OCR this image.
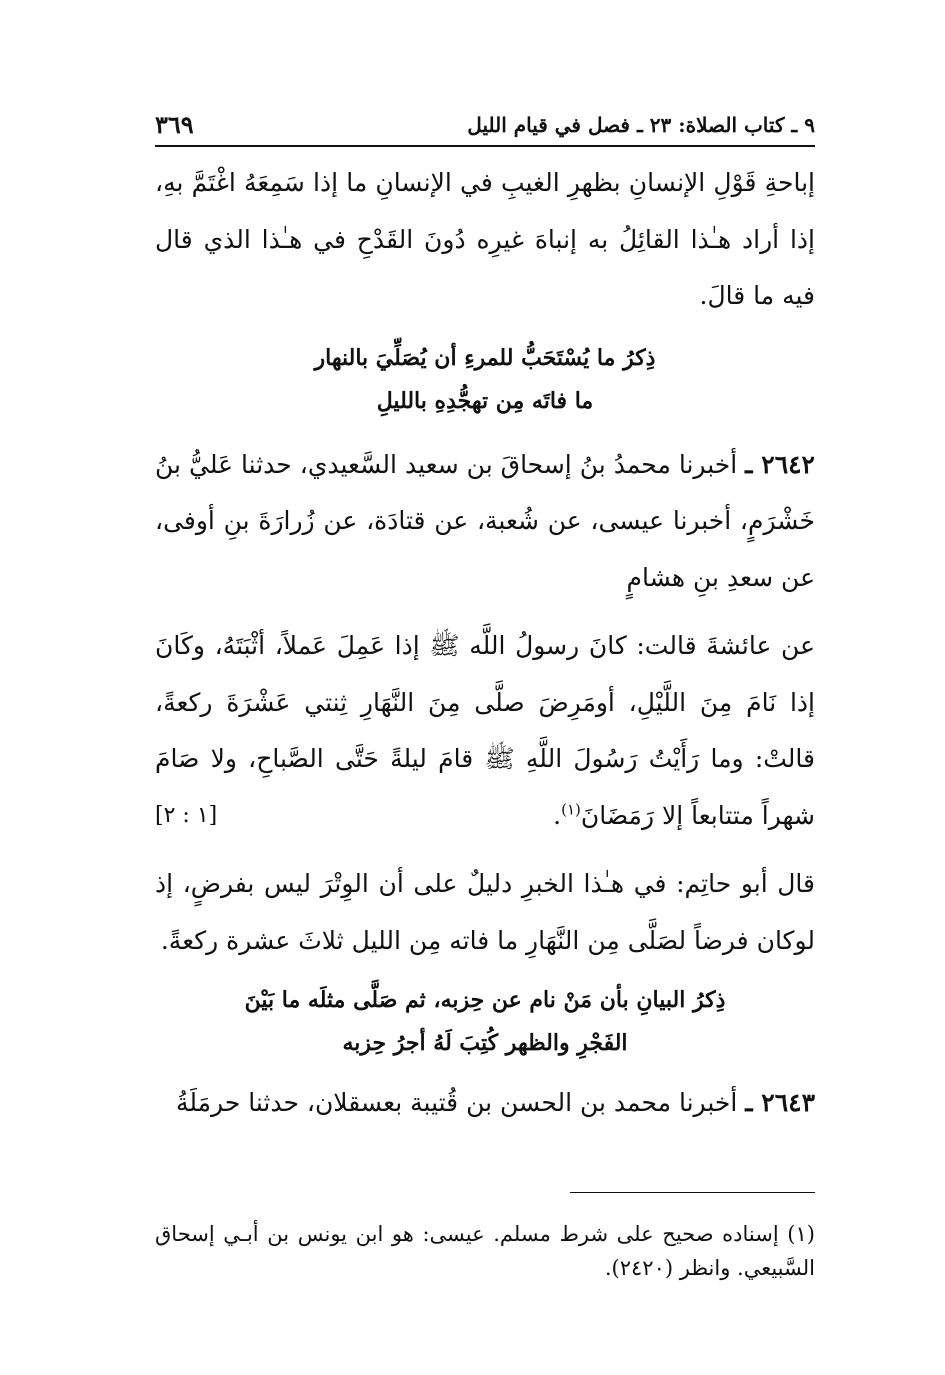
٩ ـ كتاب الصلاة: ٢٣ ـ فصل في قيام الليل
٣٦٩

إباحةِ قَوْلِ الإنسانِ بظهرِ الغيبِ في الإنسانِ ما إذا سَمِعَهُ اغْتَمَّ بهِ، إذا أراد هـٰذا القائِلُ به إنباهَ غيرِه دُونَ القَدْحِ في هـٰذا الذي قال فيه ما قالَ.

ذِكرُ ما يُسْتَحَبُّ للمرءِ أن يُصَلِّيَ بالنهار
ما فاتَه مِن تهجُّدِهِ بالليلِ

٢٦٤٢ ـ أخبرنا محمدُ بنُ إسحاقَ بن سعيد السَّعيدي، حدثنا عَليُّ بنُ خَشْرَمٍ، أخبرنا عيسى، عن شُعبة، عن قتادَة، عن زُرارَةَ بنِ أوفى، عن سعدِ بنِ هشامٍ

عن عائشةَ قالت: كانَ رسولُ اللَّه ﷺ إذا عَمِلَ عَملاً، أثْبَتَهُ، وكَانَ إذا نَامَ مِنَ اللَّيْلِ، أومَرِضَ صلَّى مِنَ النَّهَارِ ثِنتي عَشْرَةَ ركعةً، قالتْ: وما رَأَيْتُ رَسُولَ اللَّهِ ﷺ قامَ ليلةً حَتَّى الصَّباحِ، ولا صَامَ شهراً متتابعاً إلا رَمَضَانَ$^{(١)}$.
[١ : ٢]

قال أبو حاتِم: في هـٰذا الخبرِ دليلٌ على أن الوِتْرَ ليس بفرضٍ، إذ لوكان فرضاً لصَلَّى مِن النَّهَارِ ما فاته مِن الليل ثلاثَ عشرة ركعةً.

ذِكرُ البيانِ بأن مَنْ نام عن حِزبه، ثم صَلَّى مثلَه ما بَيْنَ
الفَجْرِ والظهر كُتِبَ لَهُ أجرُ حِزبه

٢٦٤٣ ـ أخبرنا محمد بن الحسن بن قُتيبة بعسقلان، حدثنا حرمَلَةُ

(١) إسناده صحيح على شرط مسلم. عيسى: هو ابن يونس بن أبـي إسحاق السَّبيعي. وانظر (٢٤٢٠).
